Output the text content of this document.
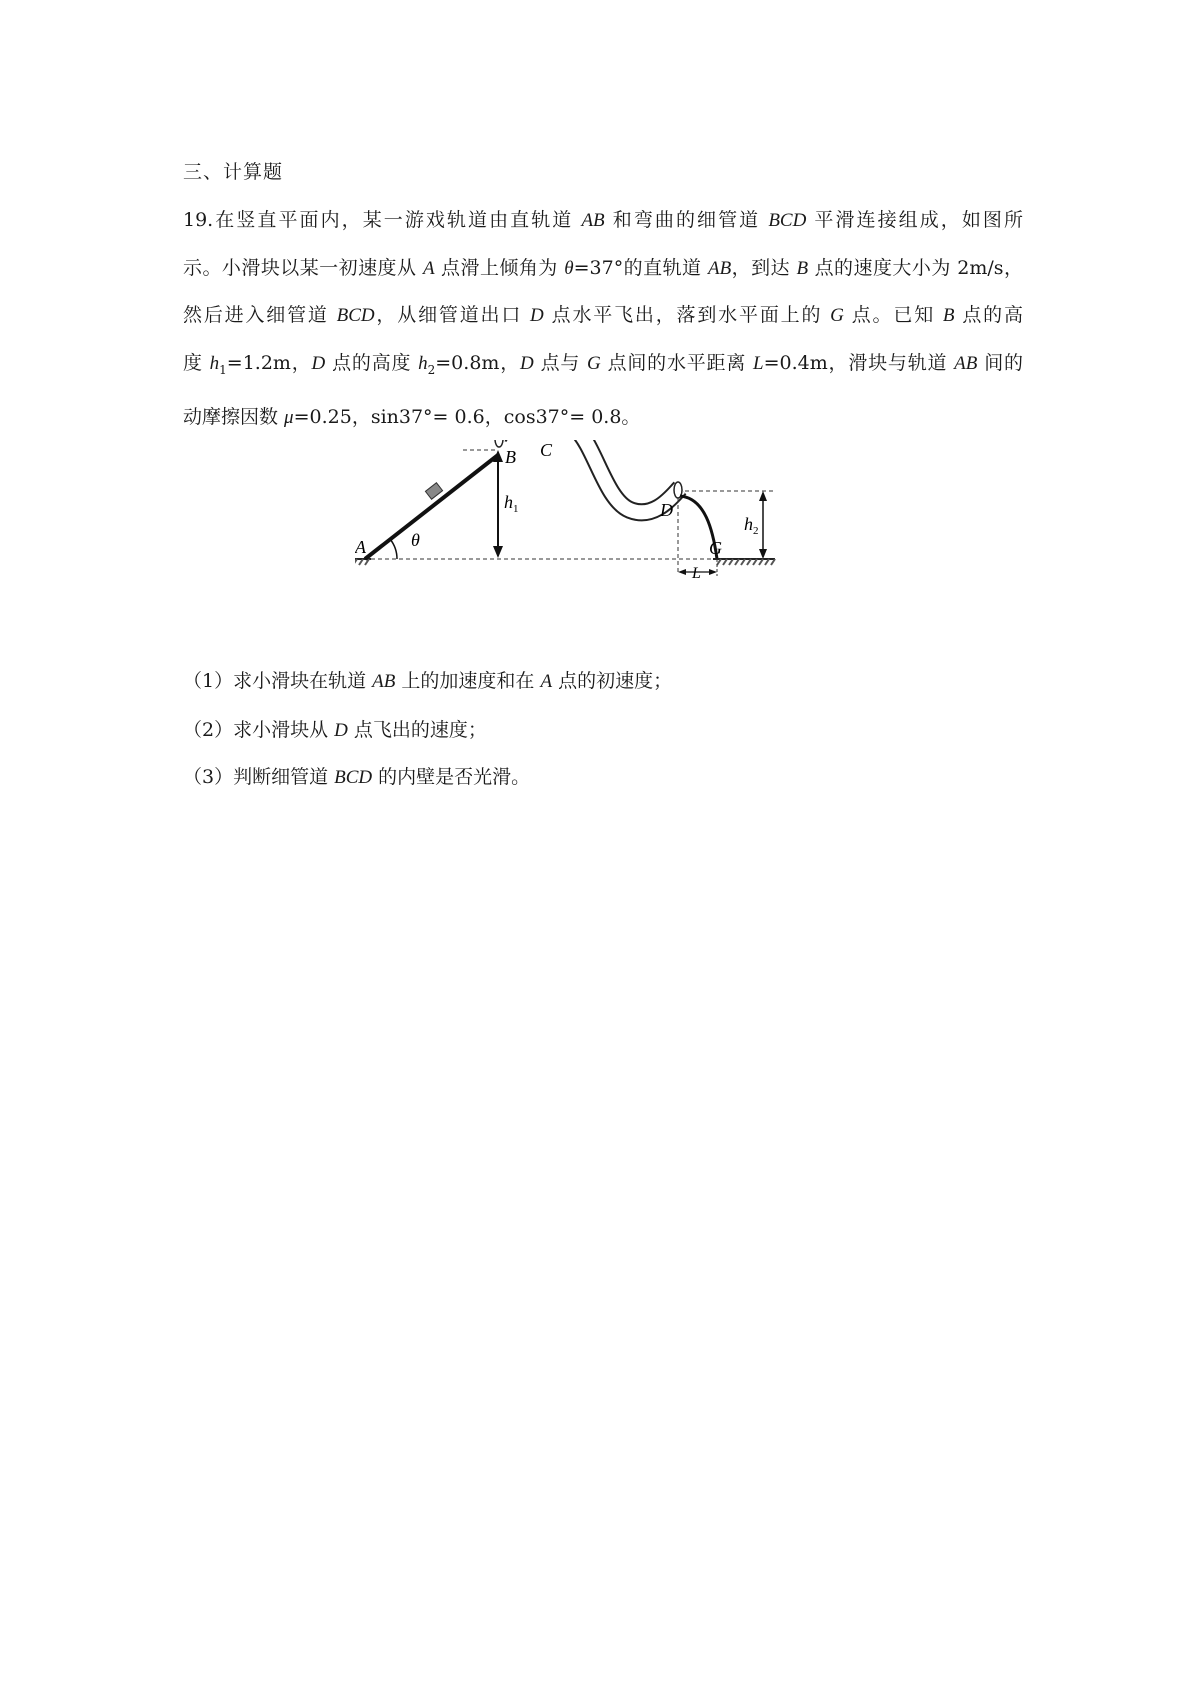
三、计算题
19.在竖直平面内，某一游戏轨道由直轨道 AB 和弯曲的细管道 BCD 平滑连接组成，如图所
示。小滑块以某一初速度从 A 点滑上倾角为 θ=37°的直轨道 AB，到达 B 点的速度大小为 2m/s，
然后进入细管道 BCD，从细管道出口 D 点水平飞出，落到水平面上的 G 点。已知 B 点的高
度 $h_1=1.2m$，D 点的高度 $h_2=0.8m$，D 点与 G 点间的水平距离 L=0.4m，滑块与轨道 AB 间的
动摩擦因数 μ=0.25，sin37°= 0.6，cos37°= 0.8。
A
B C
D
G
θ
$h_1$
$h_2$
L
（1）求小滑块在轨道 AB 上的加速度和在 A 点的初速度；
（2）求小滑块从 D 点飞出的速度；
（3）判断细管道 BCD 的内壁是否光滑。
